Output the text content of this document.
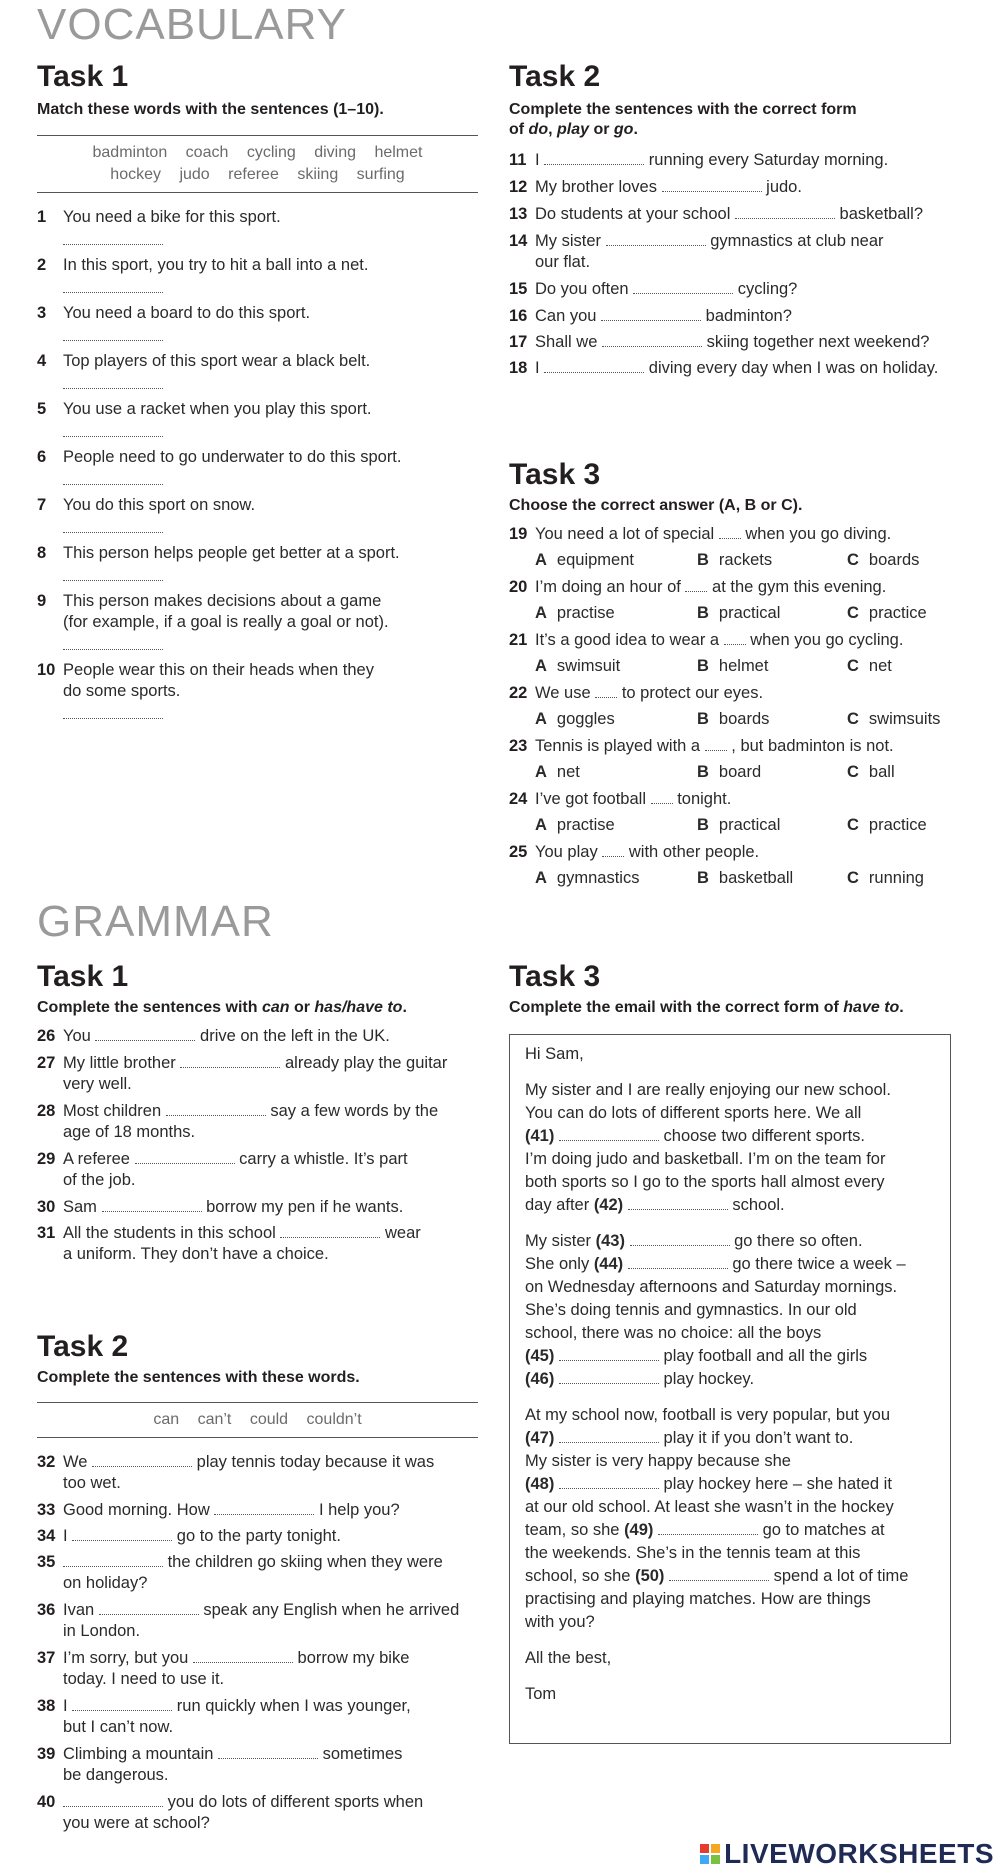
VOCABULARY
Task 1

Match these words with the sentences (1–10).

badminton coach cycling diving helmet
hockey judo referee skiing surfing
1 You need a bike for this sport.
2 In this sport, you try to hit a ball into a net.
3 You need a board to do this sport.
4 Top players of this sport wear a black belt.
5 You use a racket when you play this sport.
6 People need to go underwater to do this sport.
7 You do this sport on snow.
8 This person helps people get better at a sport.
9 This person makes decisions about a game
(for example, if a goal is really a goal or not).
10 People wear this on their heads when they
do some sports.
Task 2

Complete the sentences with the correct form
of do, play or go.

11 I	running every Saturday morning.
12 My brother loves	judo.
13 Do students at your school	basketball?
14 My sister	gymnastics at club near
our flat.
15 Do you often	cycling?
16 Can you	badminton?
17 Shall we	skiing together next weekend?
18 I	diving every day when I was on holiday.
Task 3

Choose the correct answer (A, B or C).

19 You need a lot of special when you go diving.
A equipment	B rackets	C boards
20 I’m doing an hour of at the gym this evening.
A practise	B practical	C practice
21 It’s a good idea to wear a when you go cycling.
A swimsuit	B helmet	C net
22 We use to protect our eyes.
A goggles	B boards	C swimsuits
23 Tennis is played with a , but badminton is not.
A net	B board	C ball
24 I’ve got football tonight.
A practise	B practical	C practice
25 You play with other people.
A gymnastics	B basketball	C running
GRAMMAR
Task 1

Complete the sentences with can or has/have to.

26 You	drive on the left in the UK.
27 My little brother	already play the guitar
very well.
28 Most children	say a few words by the
age of 18 months.
29 A referee	carry a whistle. It’s part
of the job.
30 Sam	borrow my pen if he wants.
31 All the students in this school	wear
a uniform. They don’t have a choice.
Task 2

Complete the sentences with these words.

can can’t could couldn’t
32 We	play tennis today because it was
too wet.
33 Good morning. How	I help you?
34 I	go to the party tonight.
35	the children go skiing when they were
on holiday?
36 Ivan	speak any English when he arrived
in London.
37 I’m sorry, but you	borrow my bike
today. I need to use it.
38 I	run quickly when I was younger,
but I can’t now.
39 Climbing a mountain	sometimes
be dangerous.
40	you do lots of different sports when
you were at school?
Task 3

Complete the email with the correct form of have to.

Hi Sam,

My sister and I are really enjoying our new school.
You can do lots of different sports here. We all
(41)	choose two different sports.
I’m doing judo and basketball. I’m on the team for
both sports so I go to the sports hall almost every
day after (42)	school.

My sister (43)	go there so often.
She only (44)	go there twice a week –
on Wednesday afternoons and Saturday mornings.
She’s doing tennis and gymnastics. In our old
school, there was no choice: all the boys
(45)	play football and all the girls
(46)	play hockey.

At my school now, football is very popular, but you
(47)	play it if you don’t want to.
My sister is very happy because she
(48)	play hockey here – she hated it
at our old school. At least she wasn’t in the hockey
team, so she (49)	go to matches at
the weekends. She’s in the tennis team at this
school, so she (50)	spend a lot of time
practising and playing matches. How are things
with you?

All the best,

Tom

LIVEWORKSHEETS
